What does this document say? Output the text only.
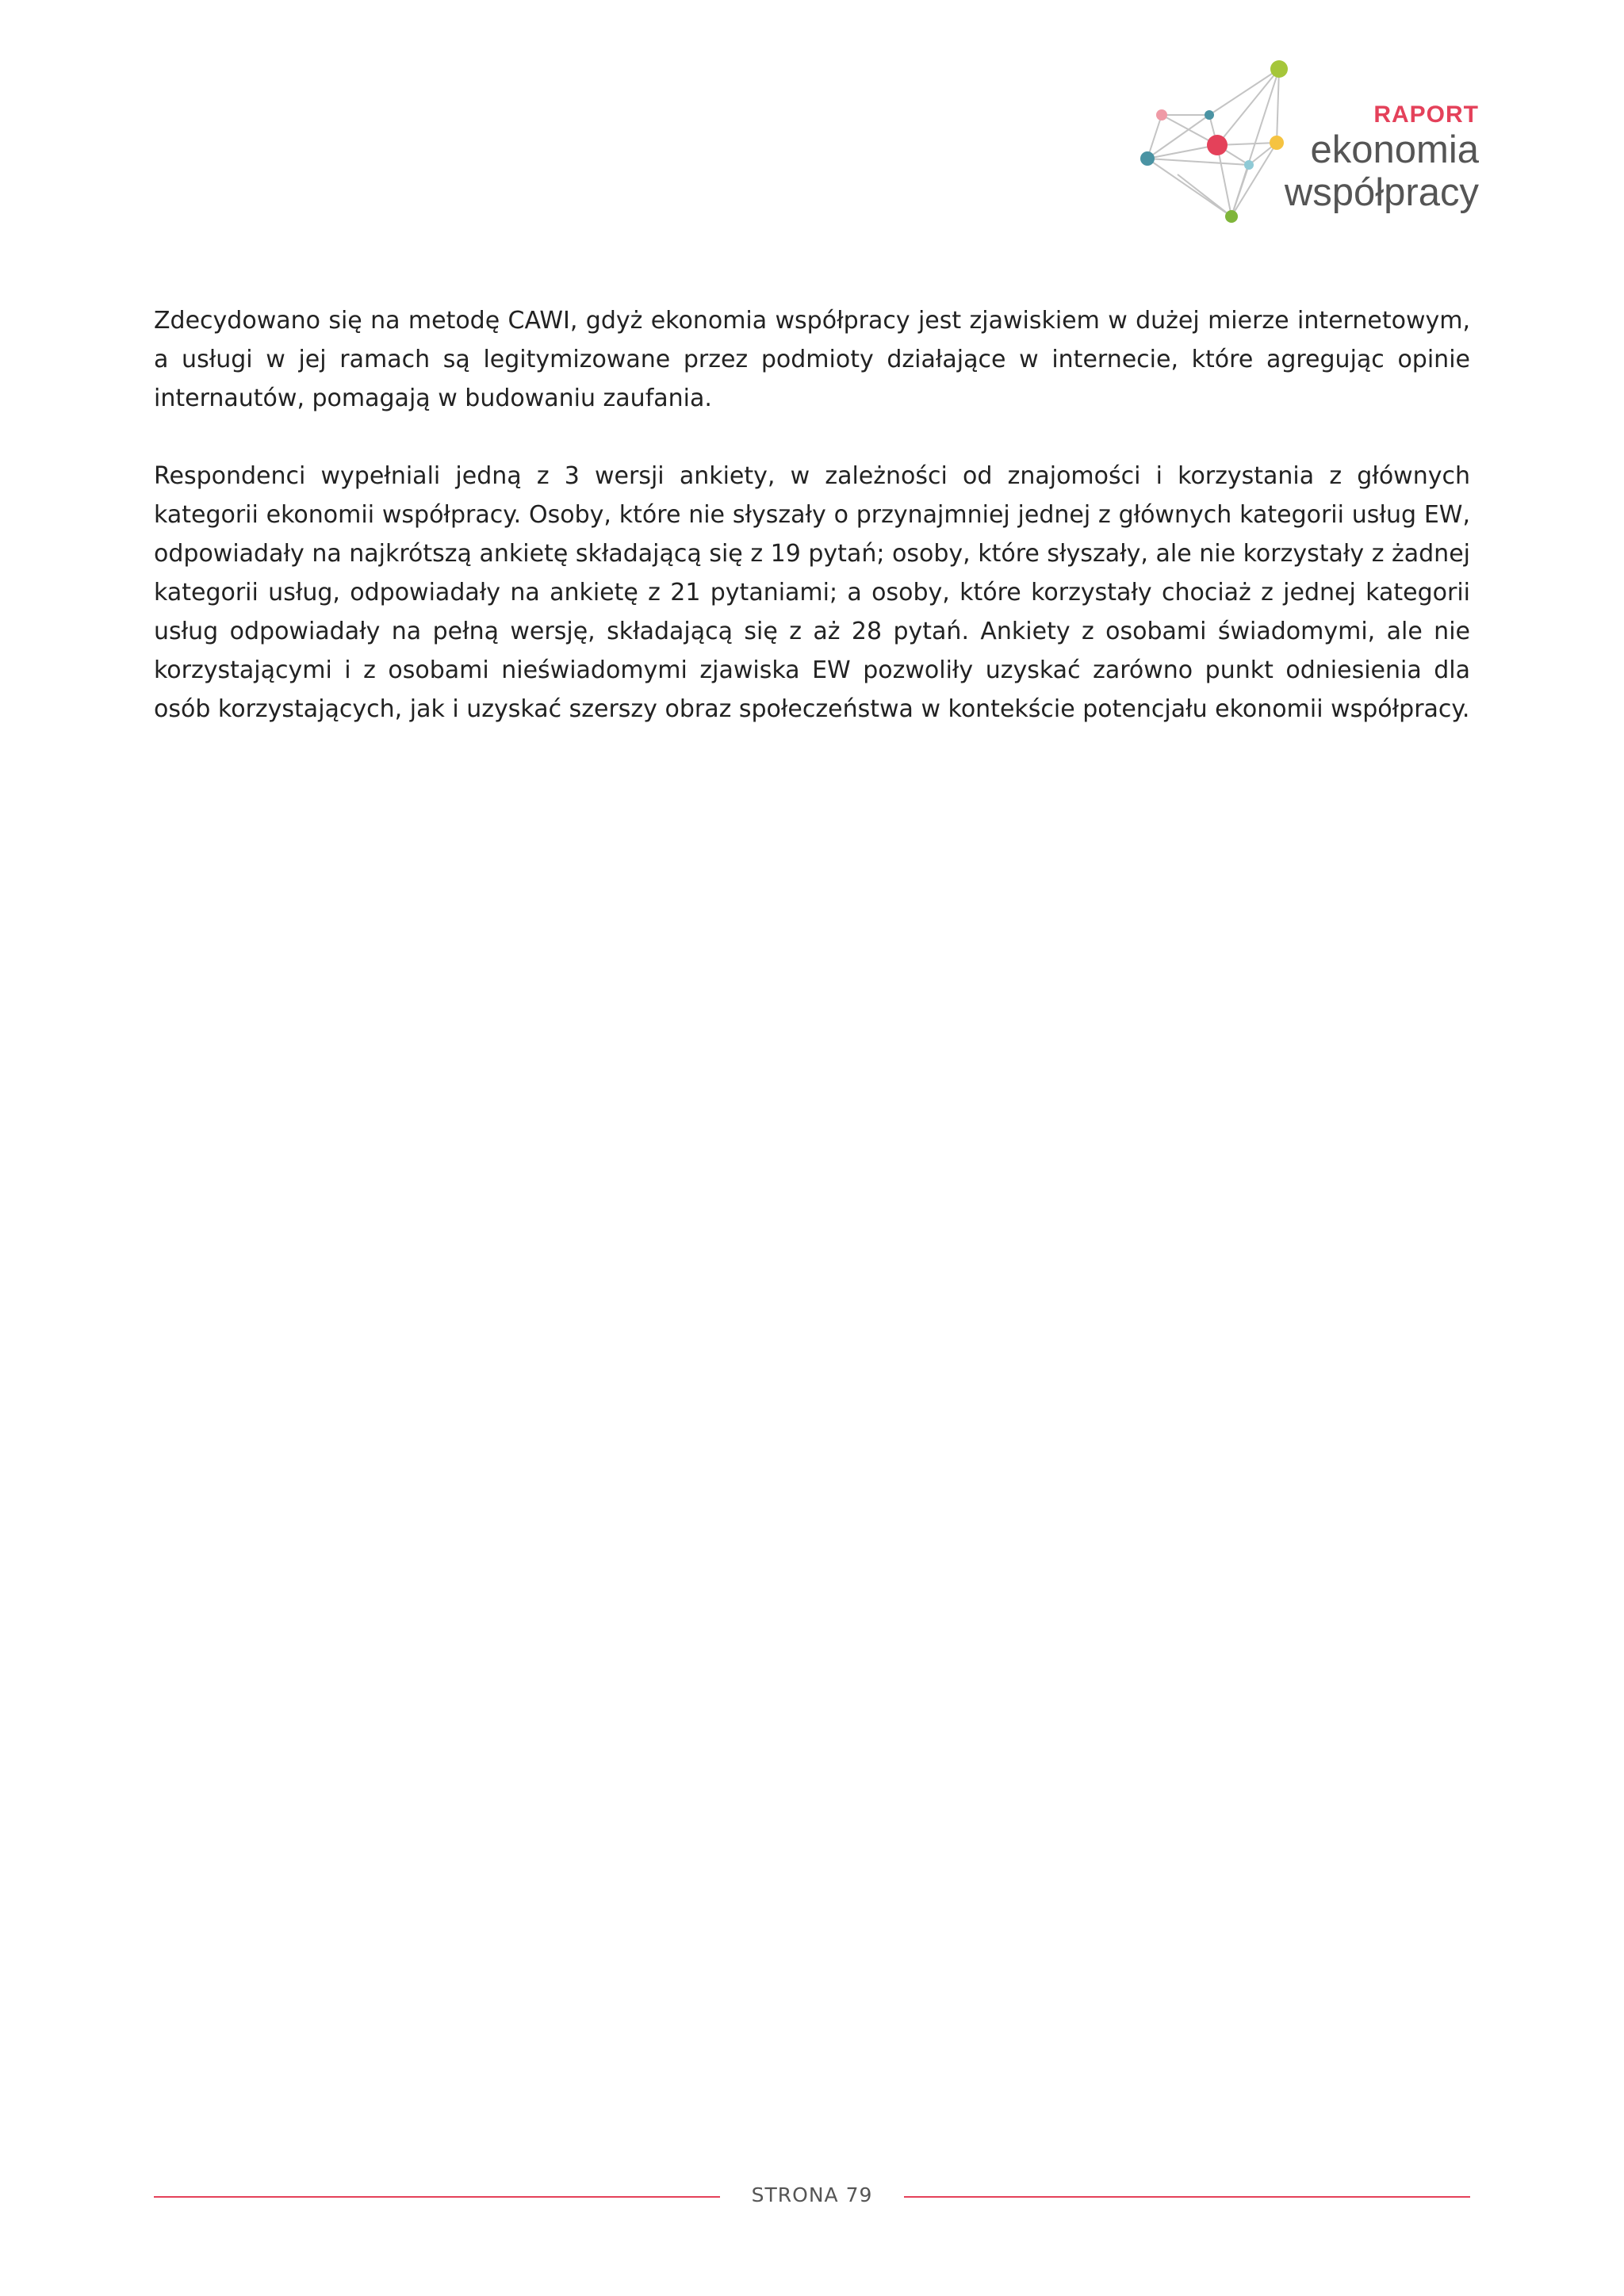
RAPORT
ekonomia
współpracy

Zdecydowano się na metodę CAWI, gdyż ekonomia współpracy jest zjawiskiem w dużej mierze internetowym, a usługi w jej ramach są legitymizowane przez podmioty działające w internecie, które agregując opinie internautów, pomagają w budowaniu zaufania.

Respondenci wypełniali jedną z 3 wersji ankiety, w zależności od znajomości i korzystania z głównych kategorii ekonomii współpracy. Osoby, które nie słyszały o przynajmniej jednej z głównych kategorii usług EW, odpowiadały na najkrótszą ankietę składającą się z 19 pytań; osoby, które słyszały, ale nie korzystały z żadnej kategorii usług, odpowiadały na ankietę z 21 pytaniami; a osoby, które korzystały chociaż z jednej kategorii usług odpowiadały na pełną wersję, składającą się z aż 28 pytań. Ankiety z osobami świadomymi, ale nie korzystającymi i z osobami nieświadomymi zjawiska EW pozwoliły uzyskać zarówno punkt odniesienia dla osób korzystających, jak i uzyskać szerszy obraz społeczeństwa w kontekście potencjału ekonomii współpracy.

STRONA 79
